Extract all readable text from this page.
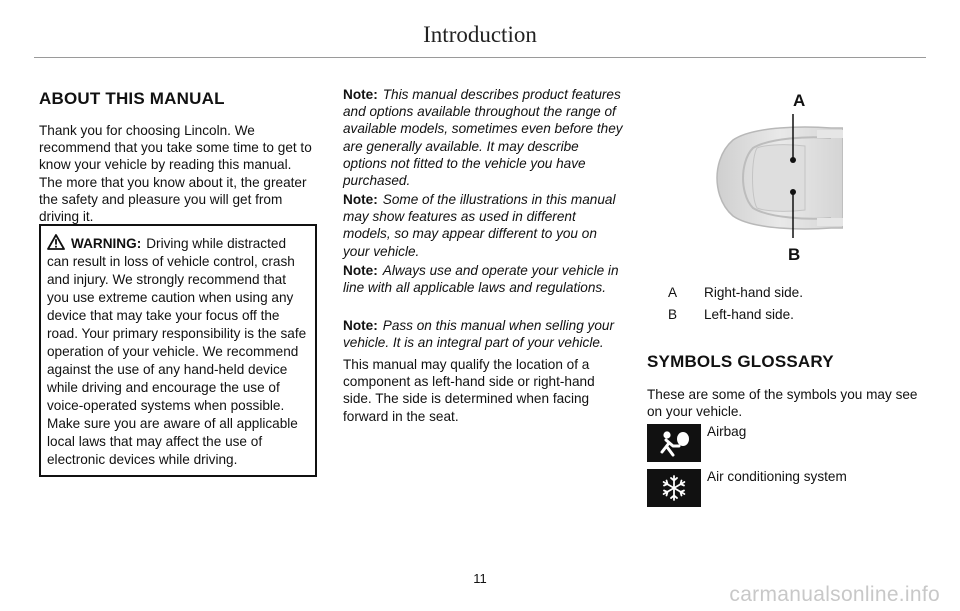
Introduction
ABOUT THIS MANUAL

Thank you for choosing Lincoln. We recommend that you take some time to get to know your vehicle by reading this manual. The more that you know about it, the greater the safety and pleasure you will get from driving it.

WARNING: Driving while distracted can result in loss of vehicle control, crash and injury. We strongly recommend that you use extreme caution when using any device that may take your focus off the road. Your primary responsibility is the safe operation of your vehicle. We recommend against the use of any hand-held device while driving and encourage the use of voice-operated systems when possible. Make sure you are aware of all applicable local laws that may affect the use of electronic devices while driving.

Note: This manual describes product features and options available throughout the range of available models, sometimes even before they are generally available. It may describe options not fitted to the vehicle you have purchased.

Note: Some of the illustrations in this manual may show features as used in different models, so may appear different to you on your vehicle.

Note: Always use and operate your vehicle in line with all applicable laws and regulations.

Note: Pass on this manual when selling your vehicle. It is an integral part of your vehicle.

This manual may qualify the location of a component as left-hand side or right-hand side. The side is determined when facing forward in the seat.

A
B
A Right-hand side.
B Left-hand side.
SYMBOLS GLOSSARY

These are some of the symbols you may see on your vehicle.

Airbag
Air conditioning system
11
carmanualsonline.info
